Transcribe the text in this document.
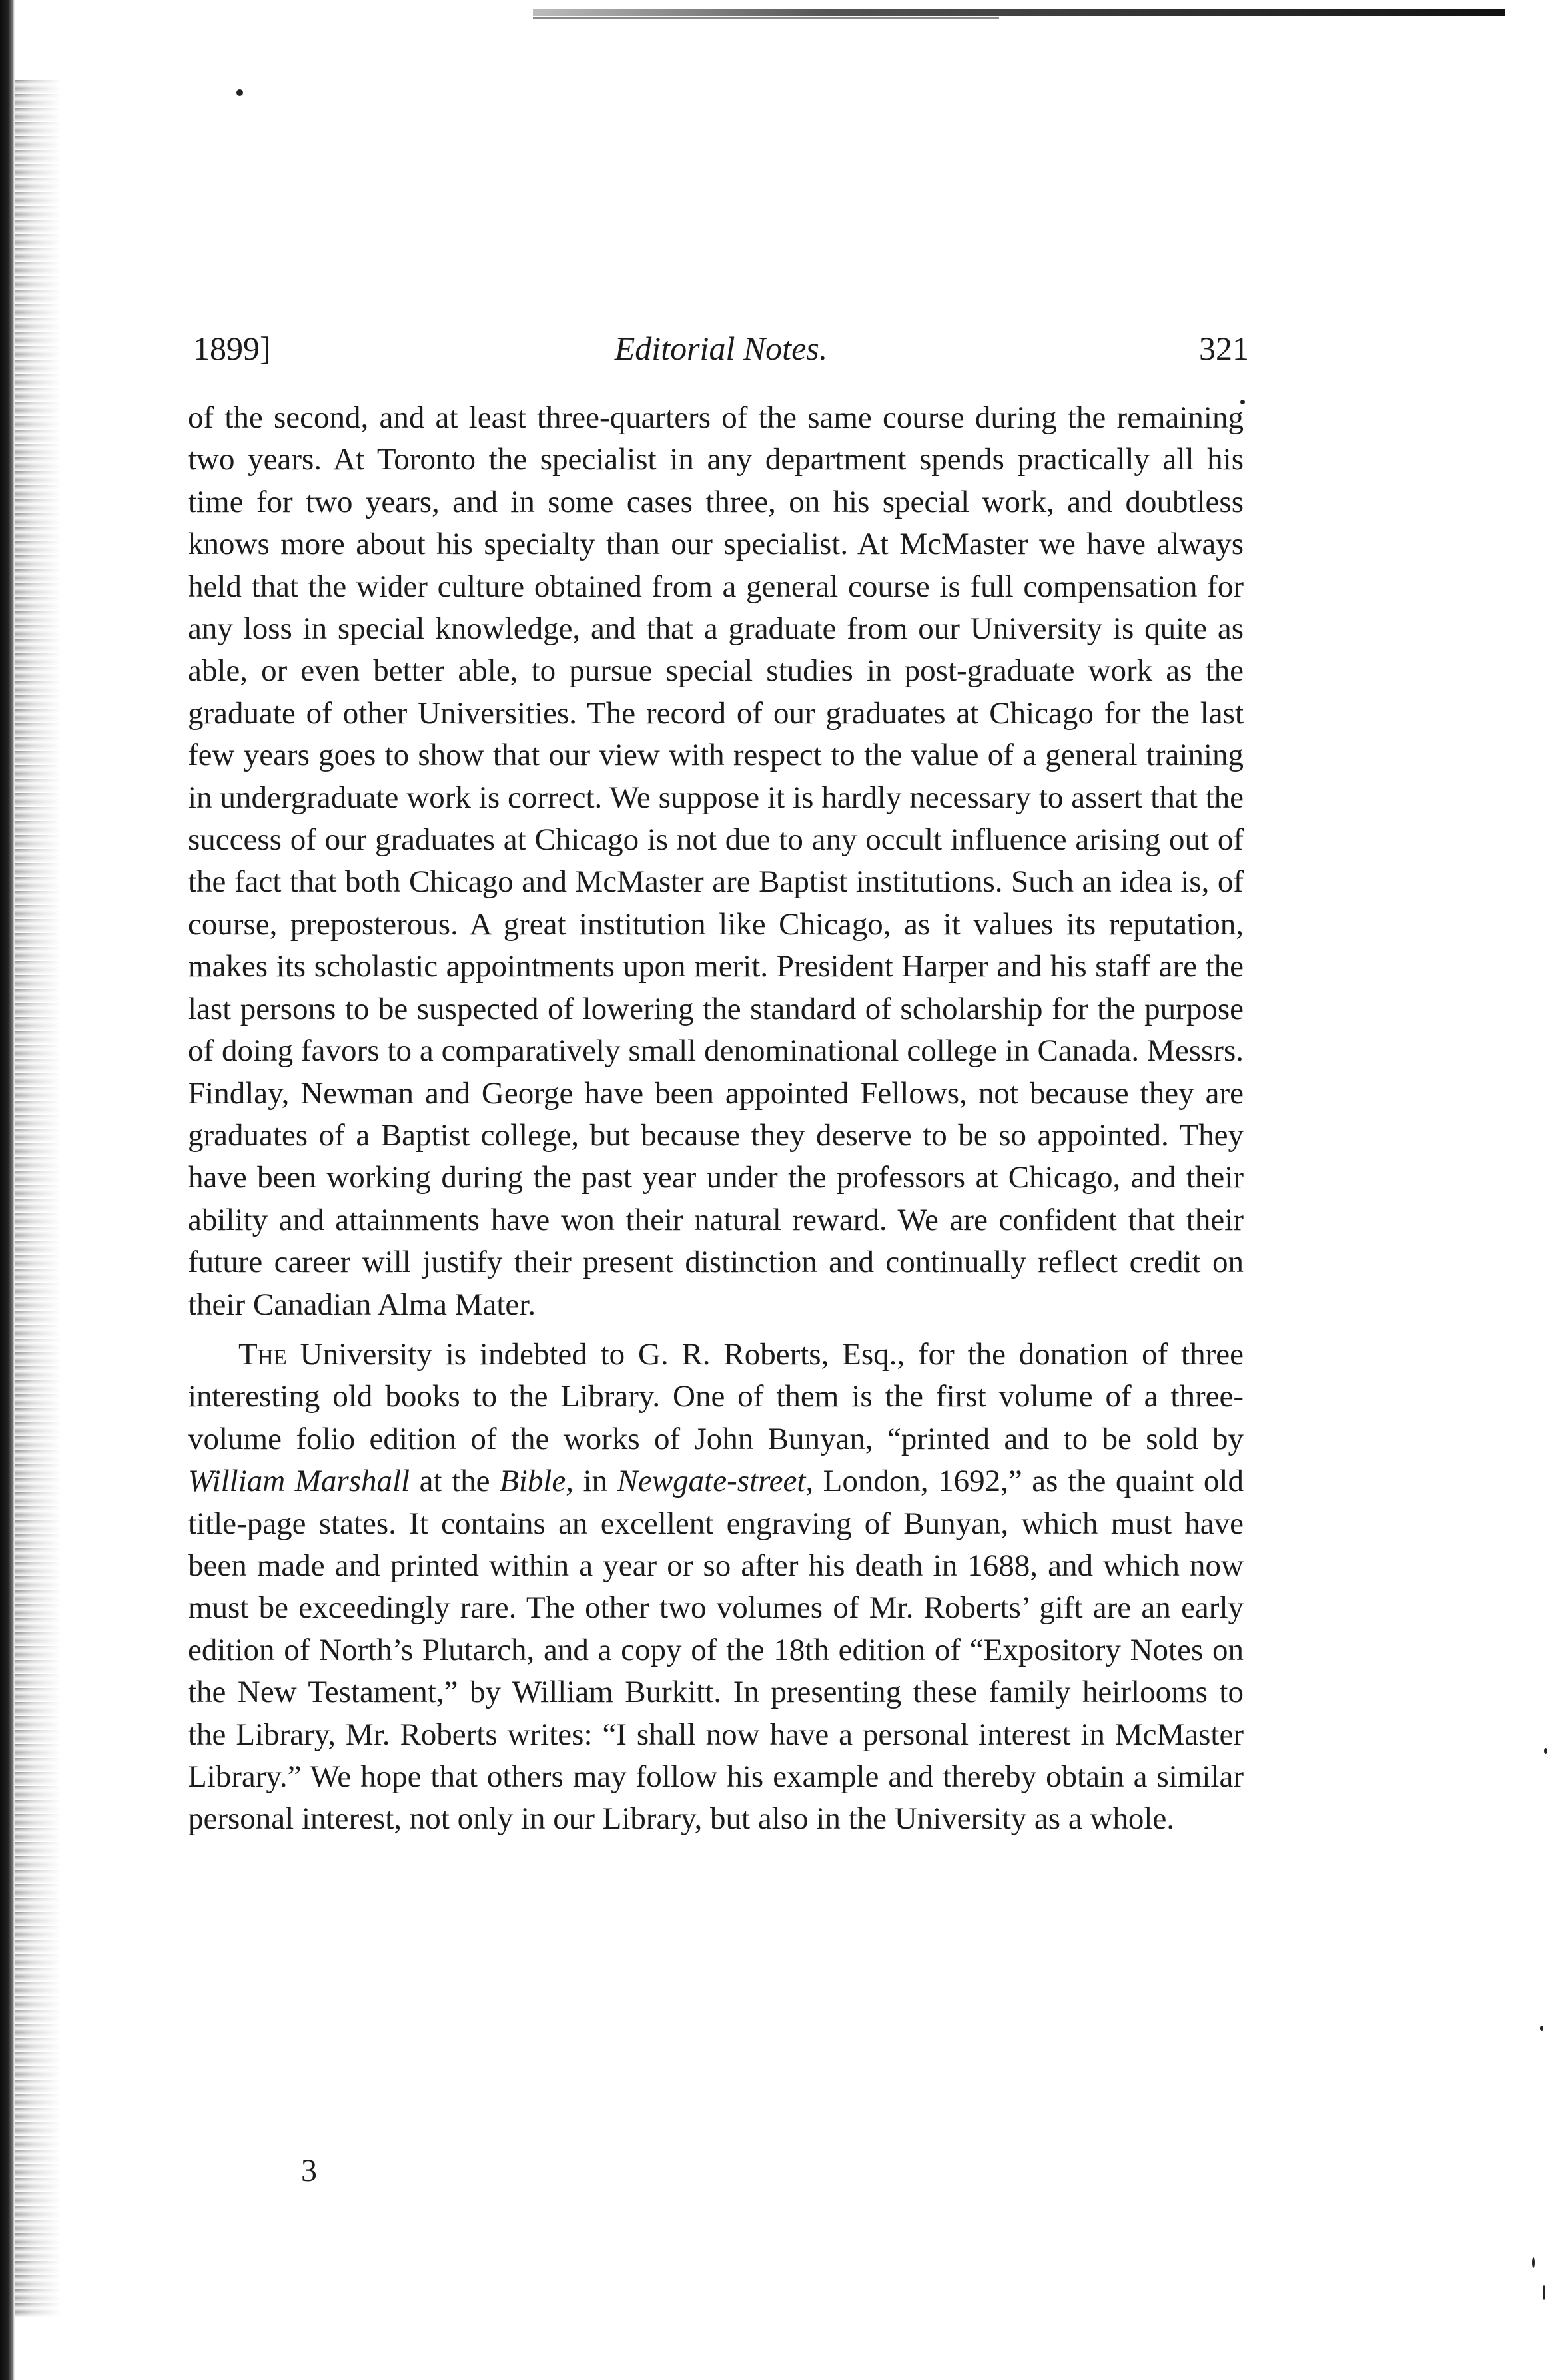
1899]	Editorial Notes.	321

of the second, and at least three-quarters of the same course during the remaining two years. At Toronto the specialist in any department spends practically all his time for two years, and in some cases three, on his special work, and doubtless knows more about his specialty than our specialist. At McMaster we have always held that the wider culture obtained from a general course is full compensation for any loss in special knowledge, and that a graduate from our University is quite as able, or even better able, to pursue special studies in post-graduate work as the graduate of other Universities. The record of our graduates at Chicago for the last few years goes to show that our view with respect to the value of a general training in undergraduate work is correct. We suppose it is hardly necessary to assert that the success of our graduates at Chicago is not due to any occult influence arising out of the fact that both Chicago and McMaster are Baptist institutions. Such an idea is, of course, preposterous. A great institution like Chicago, as it values its reputation, makes its scholastic appointments upon merit. President Harper and his staff are the last persons to be suspected of lowering the standard of scholarship for the purpose of doing favors to a comparatively small denominational college in Canada. Messrs. Findlay, Newman and George have been appointed Fellows, not because they are graduates of a Baptist college, but because they deserve to be so appointed. They have been working during the past year under the professors at Chicago, and their ability and attainments have won their natural reward. We are confident that their future career will justify their present distinction and continually reflect credit on their Canadian Alma Mater.

The University is indebted to G. R. Roberts, Esq., for the donation of three interesting old books to the Library. One of them is the first volume of a three-volume folio edition of the works of John Bunyan, “printed and to be sold by William Marshall at the Bible, in Newgate-street, London, 1692,” as the quaint old title-page states. It contains an excellent engraving of Bunyan, which must have been made and printed within a year or so after his death in 1688, and which now must be exceedingly rare. The other two volumes of Mr. Roberts’ gift are an early edition of North’s Plutarch, and a copy of the 18th edition of “Expository Notes on the New Testament,” by William Burkitt. In presenting these family heirlooms to the Library, Mr. Roberts writes: “I shall now have a personal interest in McMaster Library.” We hope that others may follow his example and thereby obtain a similar personal interest, not only in our Library, but also in the University as a whole.

3
